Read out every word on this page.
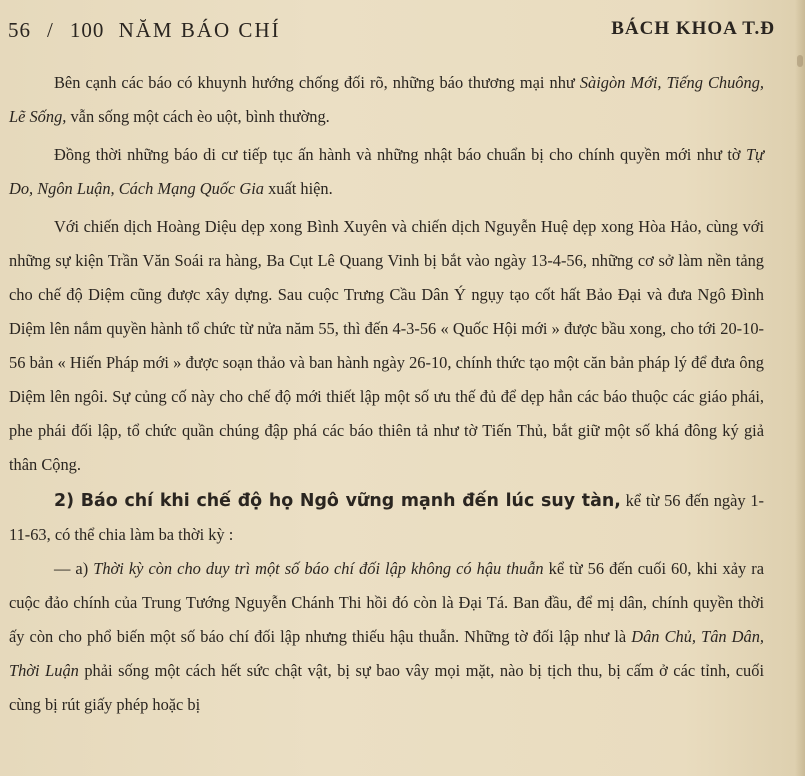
56 / 100 NĂM BÁO CHÍ	BÁCH KHOA T.Đ

Bên cạnh các báo có khuynh hướng chống đối rõ, những báo thương mại như Sàigòn Mới, Tiếng Chuông, Lẽ Sống, vẫn sống một cách èo uột, bình thường.

Đồng thời những báo di cư tiếp tục ấn hành và những nhật báo chuẩn bị cho chính quyền mới như tờ Tự Do, Ngôn Luận, Cách Mạng Quốc Gia xuất hiện.

Với chiến dịch Hoàng Diệu dẹp xong Bình Xuyên và chiến dịch Nguyễn Huệ dẹp xong Hòa Hảo, cùng với những sự kiện Trần Văn Soái ra hàng, Ba Cụt Lê Quang Vinh bị bắt vào ngày 13-4-56, những cơ sở làm nền tảng cho chế độ Diệm cũng được xây dựng. Sau cuộc Trưng Cầu Dân Ý ngụy tạo cốt hất Bảo Đại và đưa Ngô Đình Diệm lên nắm quyền hành tổ chức từ nửa năm 55, thì đến 4-3-56 « Quốc Hội mới » được bầu xong, cho tới 20-10-56 bản « Hiến Pháp mới » được soạn thảo và ban hành ngày 26-10, chính thức tạo một căn bản pháp lý để đưa ông Diệm lên ngôi. Sự củng cố này cho chế độ mới thiết lập một số ưu thế đủ để dẹp hẳn các báo thuộc các giáo phái, phe phái đối lập, tổ chức quần chúng đập phá các báo thiên tả như tờ Tiến Thủ, bắt giữ một số khá đông ký giả thân Cộng.

2) Báo chí khi chế độ họ Ngô vững mạnh đến lúc suy tàn, kể từ 56 đến ngày 1-11-63, có thể chia làm ba thời kỳ :

— a) Thời kỳ còn cho duy trì một số báo chí đối lập không có hậu thuẫn kể từ 56 đến cuối 60, khi xảy ra cuộc đảo chính của Trung Tướng Nguyễn Chánh Thi hồi đó còn là Đại Tá. Ban đầu, để mị dân, chính quyền thời ấy còn cho phổ biến một số báo chí đối lập nhưng thiếu hậu thuẫn. Những tờ đối lập như là Dân Chủ, Tân Dân, Thời Luận phải sống một cách hết sức chật vật, bị sự bao vây mọi mặt, nào bị tịch thu, bị cấm ở các tỉnh, cuối cùng bị rút giấy phép hoặc bị
